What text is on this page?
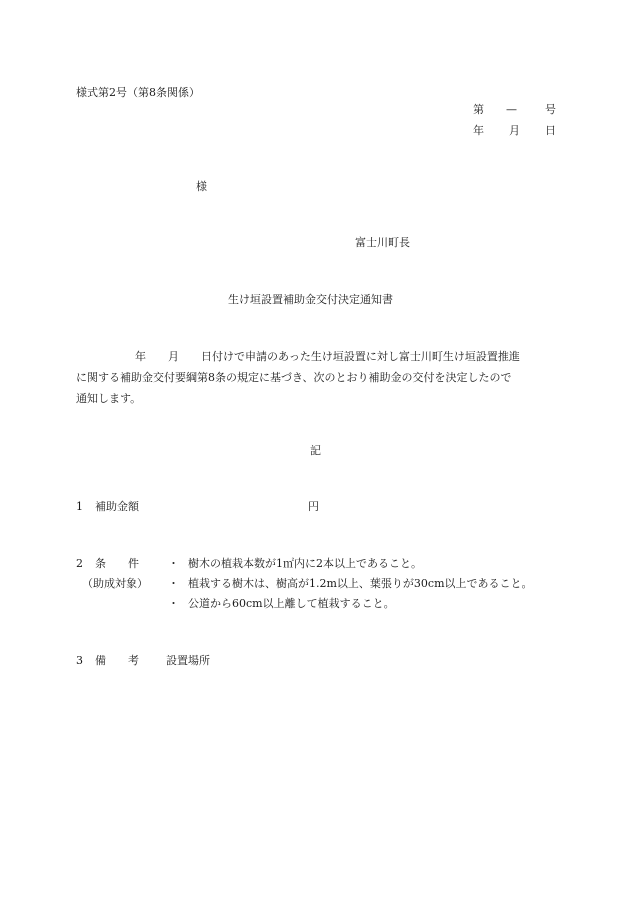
様式第2号（第8条関係）
第 —	号
年 月 日
様
富士川町長
生け垣設置補助金交付決定通知書
年　　月　　日付けで申請のあった生け垣設置に対し富士川町生け垣設置推進
に関する補助金交付要綱第8条の規定に基づき、次のとおり補助金の交付を決定したので
通知します。
記
1 補助金額	円
2 条　　件
（助成対象）
・ 樹木の植栽本数が1㎡内に2本以上であること。
・ 植栽する樹木は、樹高が1.2m以上、葉張りが30cm以上であること。
・ 公道から60cm以上離して植栽すること。
3 備　　考 設置場所
